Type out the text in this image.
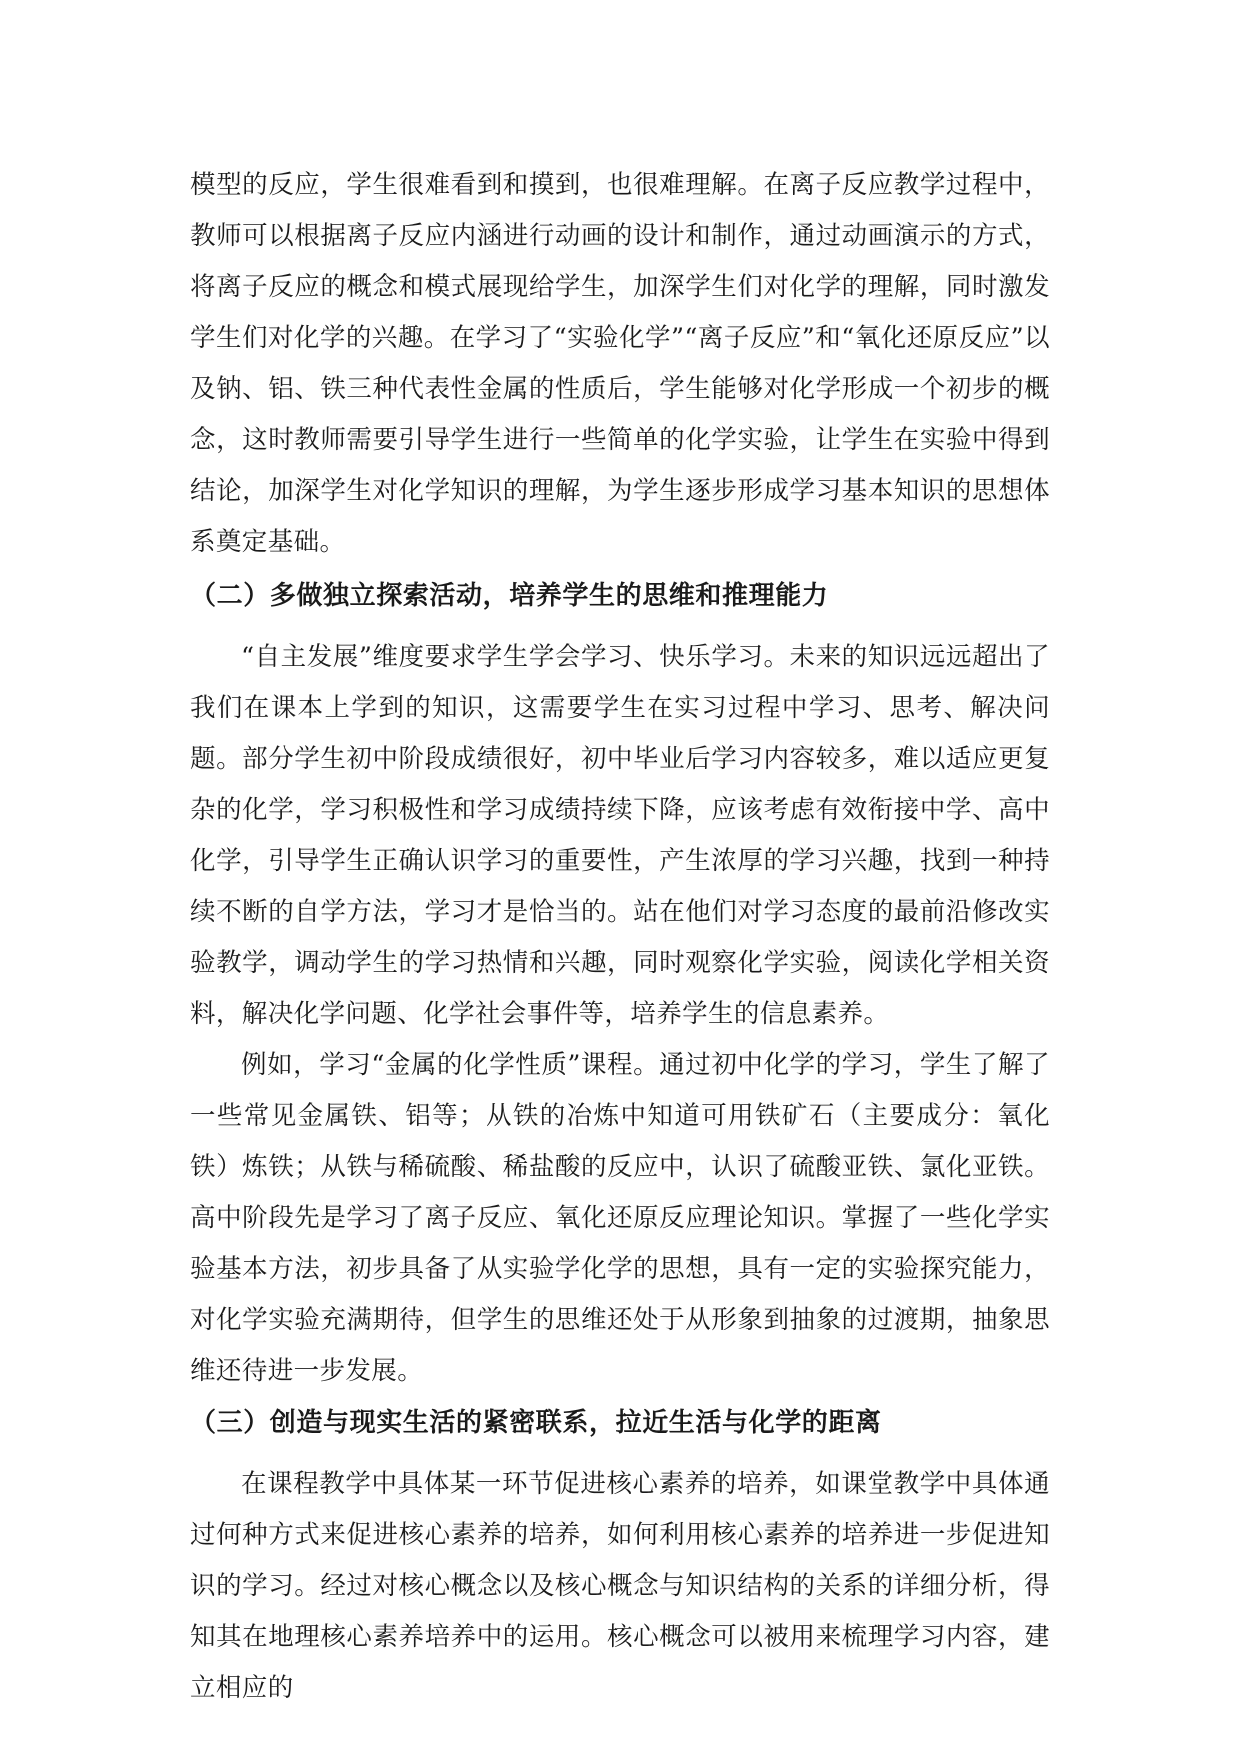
模型的反应，学生很难看到和摸到，也很难理解。在离子反应教学过程中，教师可以根据离子反应内涵进行动画的设计和制作，通过动画演示的方式，将离子反应的概念和模式展现给学生，加深学生们对化学的理解，同时激发学生们对化学的兴趣。在学习了“实验化学”“离子反应”和“氧化还原反应”以及钠、铝、铁三种代表性金属的性质后，学生能够对化学形成一个初步的概念，这时教师需要引导学生进行一些简单的化学实验，让学生在实验中得到结论，加深学生对化学知识的理解，为学生逐步形成学习基本知识的思想体系奠定基础。

（二）多做独立探索活动，培养学生的思维和推理能力

“自主发展”维度要求学生学会学习、快乐学习。未来的知识远远超出了我们在课本上学到的知识，这需要学生在实习过程中学习、思考、解决问题。部分学生初中阶段成绩很好，初中毕业后学习内容较多，难以适应更复杂的化学，学习积极性和学习成绩持续下降，应该考虑有效衔接中学、高中化学，引导学生正确认识学习的重要性，产生浓厚的学习兴趣，找到一种持续不断的自学方法，学习才是恰当的。站在他们对学习态度的最前沿修改实验教学，调动学生的学习热情和兴趣，同时观察化学实验，阅读化学相关资料，解决化学问题、化学社会事件等，培养学生的信息素养。

例如，学习“金属的化学性质”课程。通过初中化学的学习，学生了解了一些常见金属铁、铝等；从铁的冶炼中知道可用铁矿石（主要成分：氧化铁）炼铁；从铁与稀硫酸、稀盐酸的反应中，认识了硫酸亚铁、氯化亚铁。高中阶段先是学习了离子反应、氧化还原反应理论知识。掌握了一些化学实验基本方法，初步具备了从实验学化学的思想，具有一定的实验探究能力，对化学实验充满期待，但学生的思维还处于从形象到抽象的过渡期，抽象思维还待进一步发展。

（三）创造与现实生活的紧密联系，拉近生活与化学的距离

在课程教学中具体某一环节促进核心素养的培养，如课堂教学中具体通过何种方式来促进核心素养的培养，如何利用核心素养的培养进一步促进知识的学习。经过对核心概念以及核心概念与知识结构的关系的详细分析，得知其在地理核心素养培养中的运用。核心概念可以被用来梳理学习内容，建立相应的
